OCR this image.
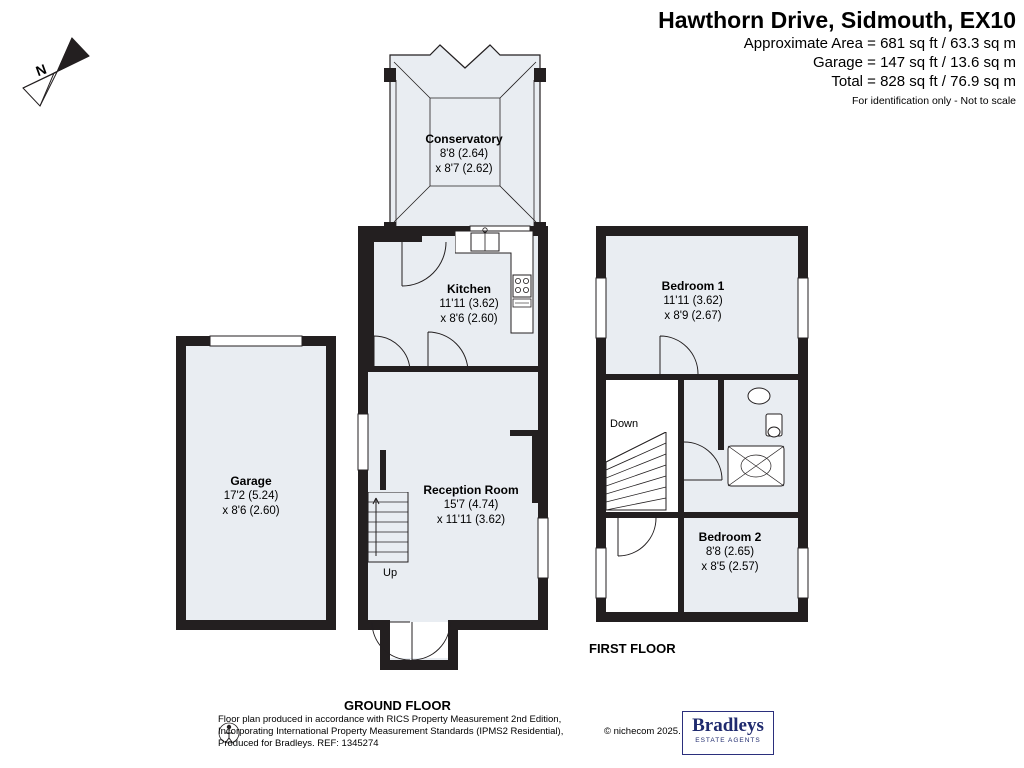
Hawthorn Drive, Sidmouth, EX10
Approximate Area = 681 sq ft / 63.3 sq m
Garage = 147 sq ft / 13.6 sq m
Total = 828 sq ft / 76.9 sq m
For identification only - Not to scale
N
Conservatory
8'8 (2.64)
x 8'7 (2.62)
Kitchen
11'11 (3.62)
x 8'6 (2.60)
Up
Reception Room
15'7 (4.74)
x 11'11 (3.62)
GROUND FLOOR
Garage
17'2 (5.24)
x 8'6 (2.60)
Down
Bedroom 1
11'11 (3.62)
x 8'9 (2.67)
Bedroom 2
8'8 (2.65)
x 8'5 (2.57)
FIRST FLOOR
Floor plan produced in accordance with RICS Property Measurement 2nd Edition,
Incorporating International Property Measurement Standards (IPMS2 Residential),
Produced for Bradleys. REF: 1345274
© nichecom 2025. Bradleys
ESTATE AGENTS
